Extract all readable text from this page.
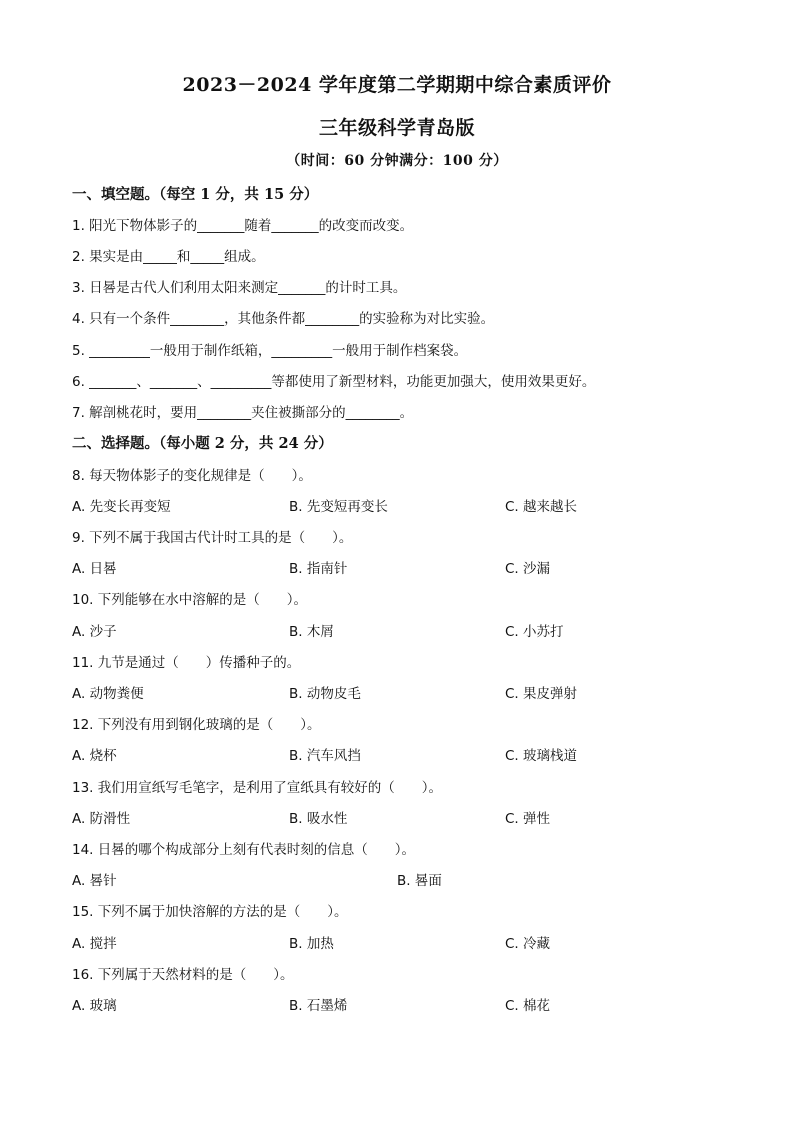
2023－2024 学年度第二学期期中综合素质评价
三年级科学青岛版
（时间：60 分钟满分：100 分）
一、填空题。（每空 1 分，共 15 分）
1. 阳光下物体影子的_______随着_______的改变而改变。
2. 果实是由_____和_____组成。
3. 日晷是古代人们利用太阳来测定_______的计时工具。
4. 只有一个条件________，其他条件都________的实验称为对比实验。
5. _________一般用于制作纸箱，_________一般用于制作档案袋。
6. _______、_______、_________等都使用了新型材料，功能更加强大，使用效果更好。
7. 解剖桃花时，要用________夹住被撕部分的________。
二、选择题。（每小题 2 分，共 24 分）
8. 每天物体影子的变化规律是（　　）。
A. 先变长再变短	B. 先变短再变长	C. 越来越长
9. 下列不属于我国古代计时工具的是（　　）。
A. 日晷	B. 指南针	C. 沙漏
10. 下列能够在水中溶解的是（　　）。
A. 沙子	B. 木屑	C. 小苏打
11. 九节是通过（　　）传播种子的。
A. 动物粪便	B. 动物皮毛	C. 果皮弹射
12. 下列没有用到钢化玻璃的是（　　）。
A. 烧杯	B. 汽车风挡	C. 玻璃栈道
13. 我们用宣纸写毛笔字，是利用了宣纸具有较好的（　　）。
A. 防滑性	B. 吸水性	C. 弹性
14. 日晷的哪个构成部分上刻有代表时刻的信息（　　）。
A. 晷针	B. 晷面
15. 下列不属于加快溶解的方法的是（　　）。
A. 搅拌	B. 加热	C. 冷藏
16. 下列属于天然材料的是（　　）。
A. 玻璃	B. 石墨烯	C. 棉花
